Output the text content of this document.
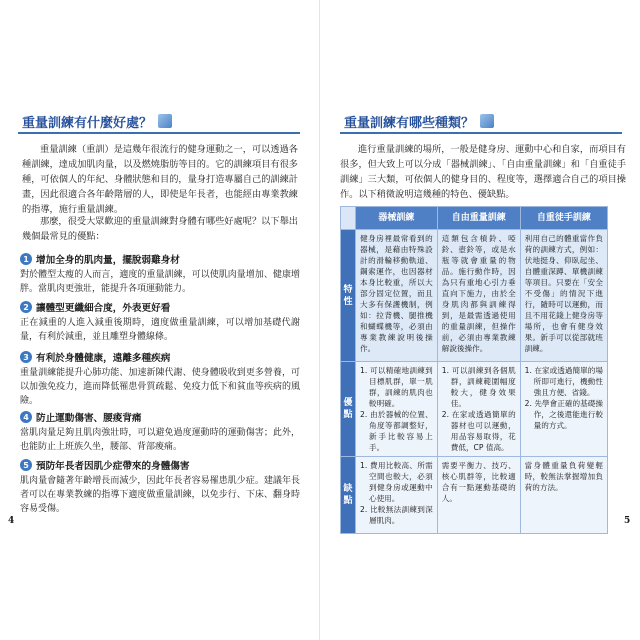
重量訓練有什麼好處？
重量訓練（重訓）是這幾年很流行的健身運動之一，可以透過各種訓練，達成加肌肉量，以及燃燒脂肪等目的。它的訓練項目有很多種，可依個人的年紀、身體狀態和目的，量身打造專屬自己的訓練計畫，因此很適合各年齡階層的人，即使是年長者，也能經由專業教練的指導，施行重量訓練。
那麼，很受大眾歡迎的重量訓練對身體有哪些好處呢？以下舉出幾個最常見的優點：
1 增加全身的肌肉量，擺脫弱雞身材
對於體型太瘦的人而言，適度的重量訓練，可以使肌肉量增加、健康增胖。當肌肉更強壯，能提升各項運動能力。
2 讓體型更纖細合度，外表更好看
正在減重的人進入減重後期時，適度做重量訓練，可以增加基礎代謝量，有利於減重，並且雕塑身體線條。
3 有利於身體健康，遠離多種疾病
重量訓練能提升心肺功能、加速新陳代謝、使身體吸收到更多營養，可以加強免疫力，進而降低罹患骨質疏鬆、免疫力低下和貧血等疾病的風險。
4 防止運動傷害、腰痠背痛
當肌肉量足夠且肌肉強壯時，可以避免過度運動時的運動傷害；此外，也能防止上班族久坐，腰部、背部痠痛。
5 預防年長者因肌少症帶來的身體傷害
肌肉量會隨著年齡增長而減少，因此年長者容易罹患肌少症。建議年長者可以在專業教練的指導下適度做重量訓練，以免步行、下床、翻身時容易受傷。
4
重量訓練有哪些種類？
進行重量訓練的場所，一般是健身房、運動中心和自家，而項目有很多，但大致上可以分成「器械訓練」、「自由重量訓練」和「自重徒手訓練」三大類，可依個人的健身目的、程度等，選擇適合自己的項目操作。以下稍微說明這幾種的特色、優缺點。
5
	器械訓練	自由重量訓練	自重徒手訓練
特性	健身房裡最常看到的器械，是藉由特殊設計的滑輪移動軌道、鋼索運作，也因器材本身比較重，所以大部分固定位置，而且大多有保護機制，例如：拉背機、腿推機和蝴蝶機等，必須由專業教練說明後操作。	這類包含槓鈴、啞鈴、壺鈴等，或是水瓶等就會重量的物品。施行動作時，因為只有重地心引力垂直向下施力，由於全身肌肉都與訓練得到，是最需透過使用的重量訓練，但操作前，必須由專業教練解說後操作。	利用自己的體重當作負荷的訓練方式，例如：伏地挺身、仰臥起坐、自體重深蹲、單機訓練等項目。只要在「安全不受傷」的情況下進行，隨時可以運動，而且不用花錢上健身房等場所，也會有健身效果。新手可以從部就班訓練。
優點	1. 可以精確地訓練到目標肌群，單一肌群，訓練的肌肉也較明確。
2. 由於器械的位置、角度等都調整好，新手比較容易上手。	1. 可以訓練到各個肌群，訓練範圍幅度較大，健身效果佳。
2. 在家或透過簡單的器材也可以運動，用品容易取得，花費低，CP 值高。	1. 在家或透過簡單的場所即可進行，機動性強且方便、省錢。
2. 先學會正確的基礎操作，之後還能進行較量的方式。

缺點	1. 費用比較高、所需空間也較大，必須到健身房或運動中心使用。
2. 比較無法訓練到深層肌肉。	需要平衡力、技巧、核心肌群等，比較適合有一點運動基礎的人。	當身體重量負荷變輕時，較無法掌握增加負荷的方法。
